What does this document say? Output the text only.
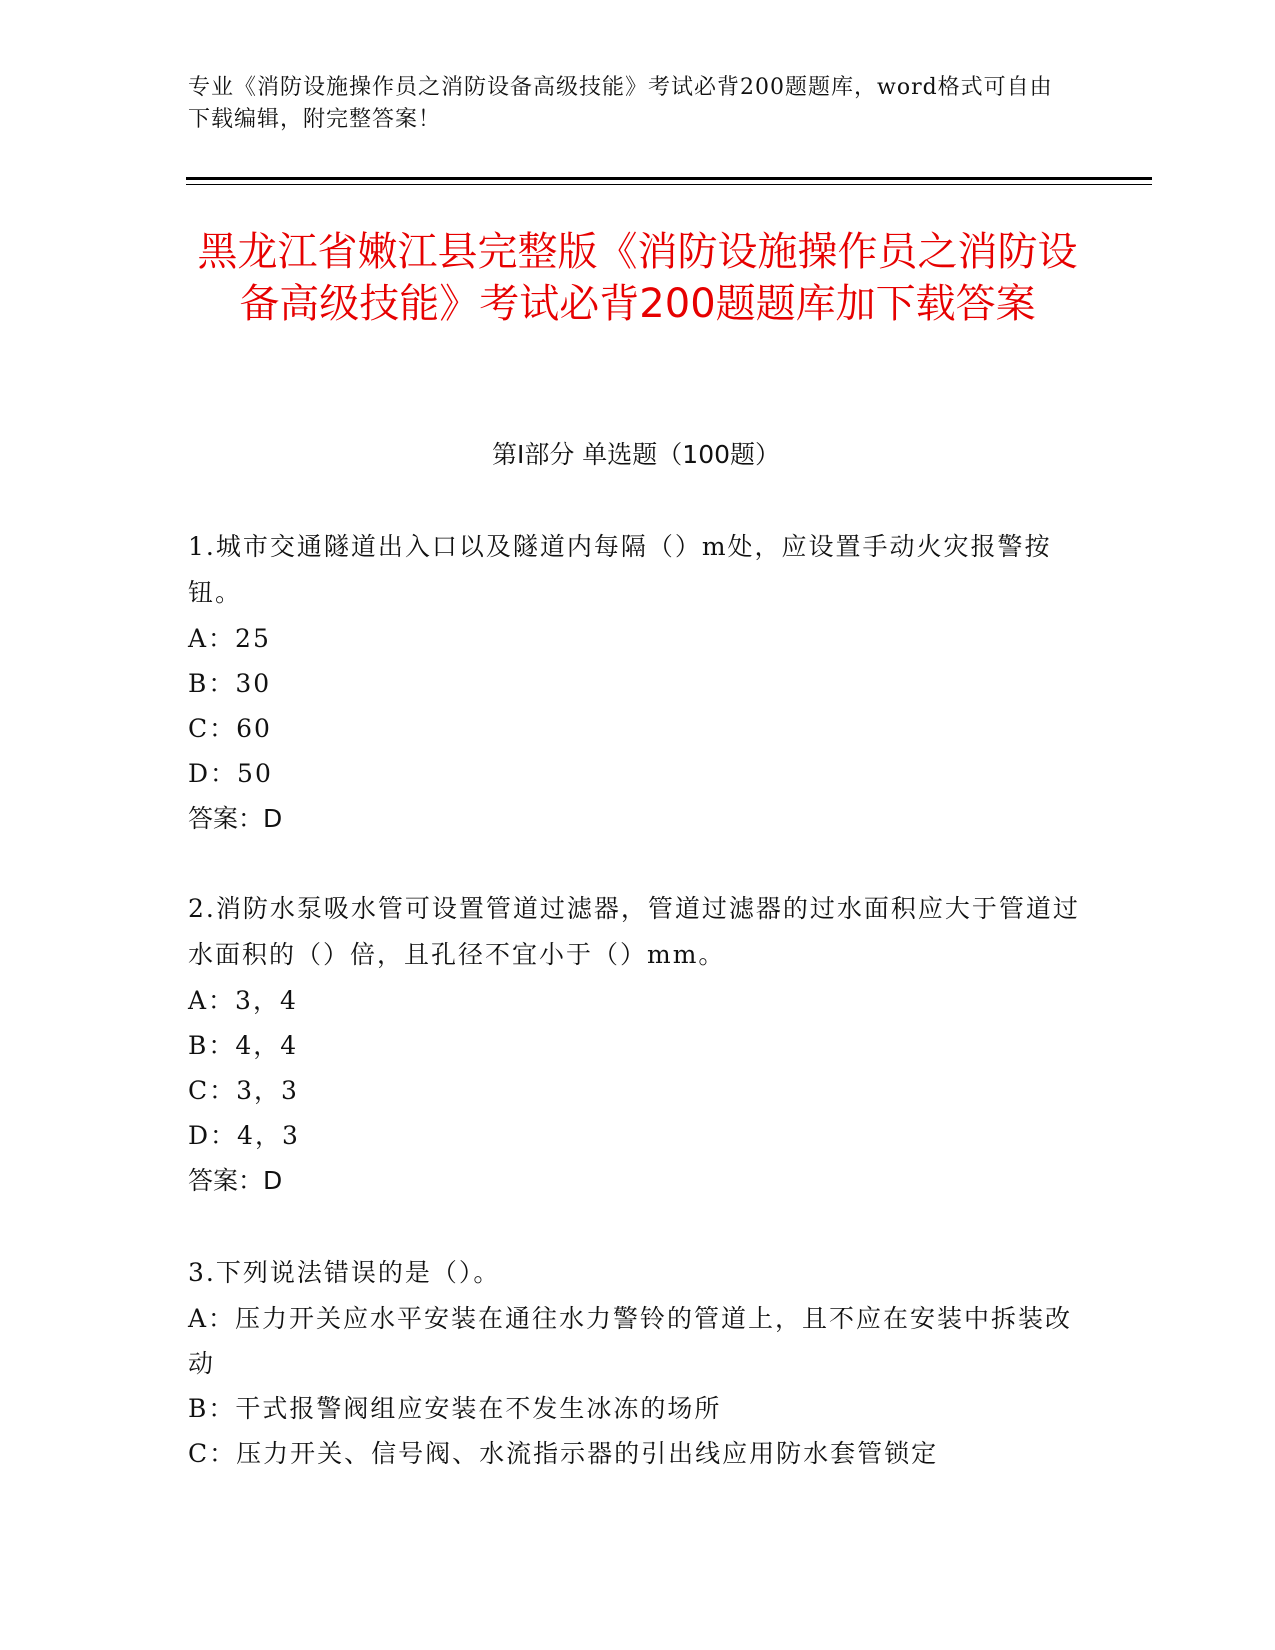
专业《消防设施操作员之消防设备高级技能》考试必背200题题库，word格式可自由下载编辑，附完整答案！
黑龙江省嫩江县完整版《消防设施操作员之消防设备高级技能》考试必背200题题库加下载答案
第I部分 单选题（100题）
1.城市交通隧道出入口以及隧道内每隔（）m处，应设置手动火灾报警按钮。
A：25
B：30
C：60
D：50
答案：D
2.消防水泵吸水管可设置管道过滤器，管道过滤器的过水面积应大于管道过水面积的（）倍，且孔径不宜小于（）mm。
A：3，4
B：4，4
C：3，3
D：4，3
答案：D
3.下列说法错误的是（）。
A：压力开关应水平安装在通往水力警铃的管道上，且不应在安装中拆装改动
B：干式报警阀组应安装在不发生冰冻的场所
C：压力开关、信号阀、水流指示器的引出线应用防水套管锁定
